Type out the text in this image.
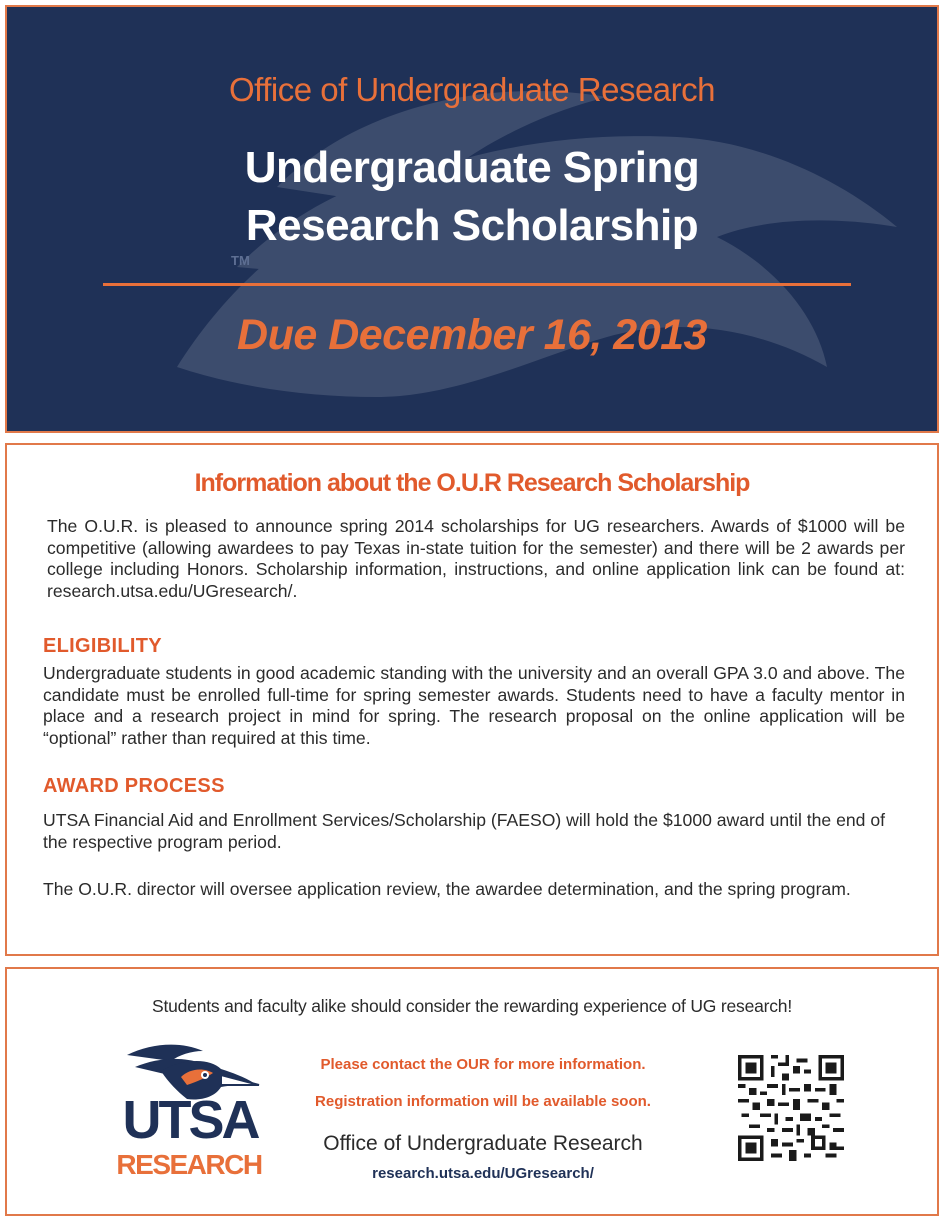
Office of Undergraduate Research
Undergraduate Spring
Research Scholarship
TM
Due December 16, 2013
Information about the O.U.R Research Scholarship

The O.U.R. is pleased to announce spring 2014 scholarships for UG researchers. Awards of $1000 will be competitive (allowing awardees to pay Texas in-state tuition for the semester) and there will be 2 awards per college including Honors. Scholarship information, instructions, and online application link can be found at: research.utsa.edu/UGresearch/.

ELIGIBILITY

Undergraduate students in good academic standing with the university and an overall GPA 3.0 and above. The candidate must be enrolled full-time for spring semester awards. Students need to have a faculty mentor in place and a research project in mind for spring. The research proposal on the online application will be “optional” rather than required at this time.

AWARD PROCESS

UTSA Financial Aid and Enrollment Services/Scholarship (FAESO) will hold the $1000 award until the end of the respective program period.

The O.U.R. director will oversee application review, the awardee determination, and the spring program.

Students and faculty alike should consider the rewarding experience of UG research!
UTSA
RESEARCH
Please contact the OUR for more information.
Registration information will be available soon.
Office of Undergraduate Research
research.utsa.edu/UGresearch/
